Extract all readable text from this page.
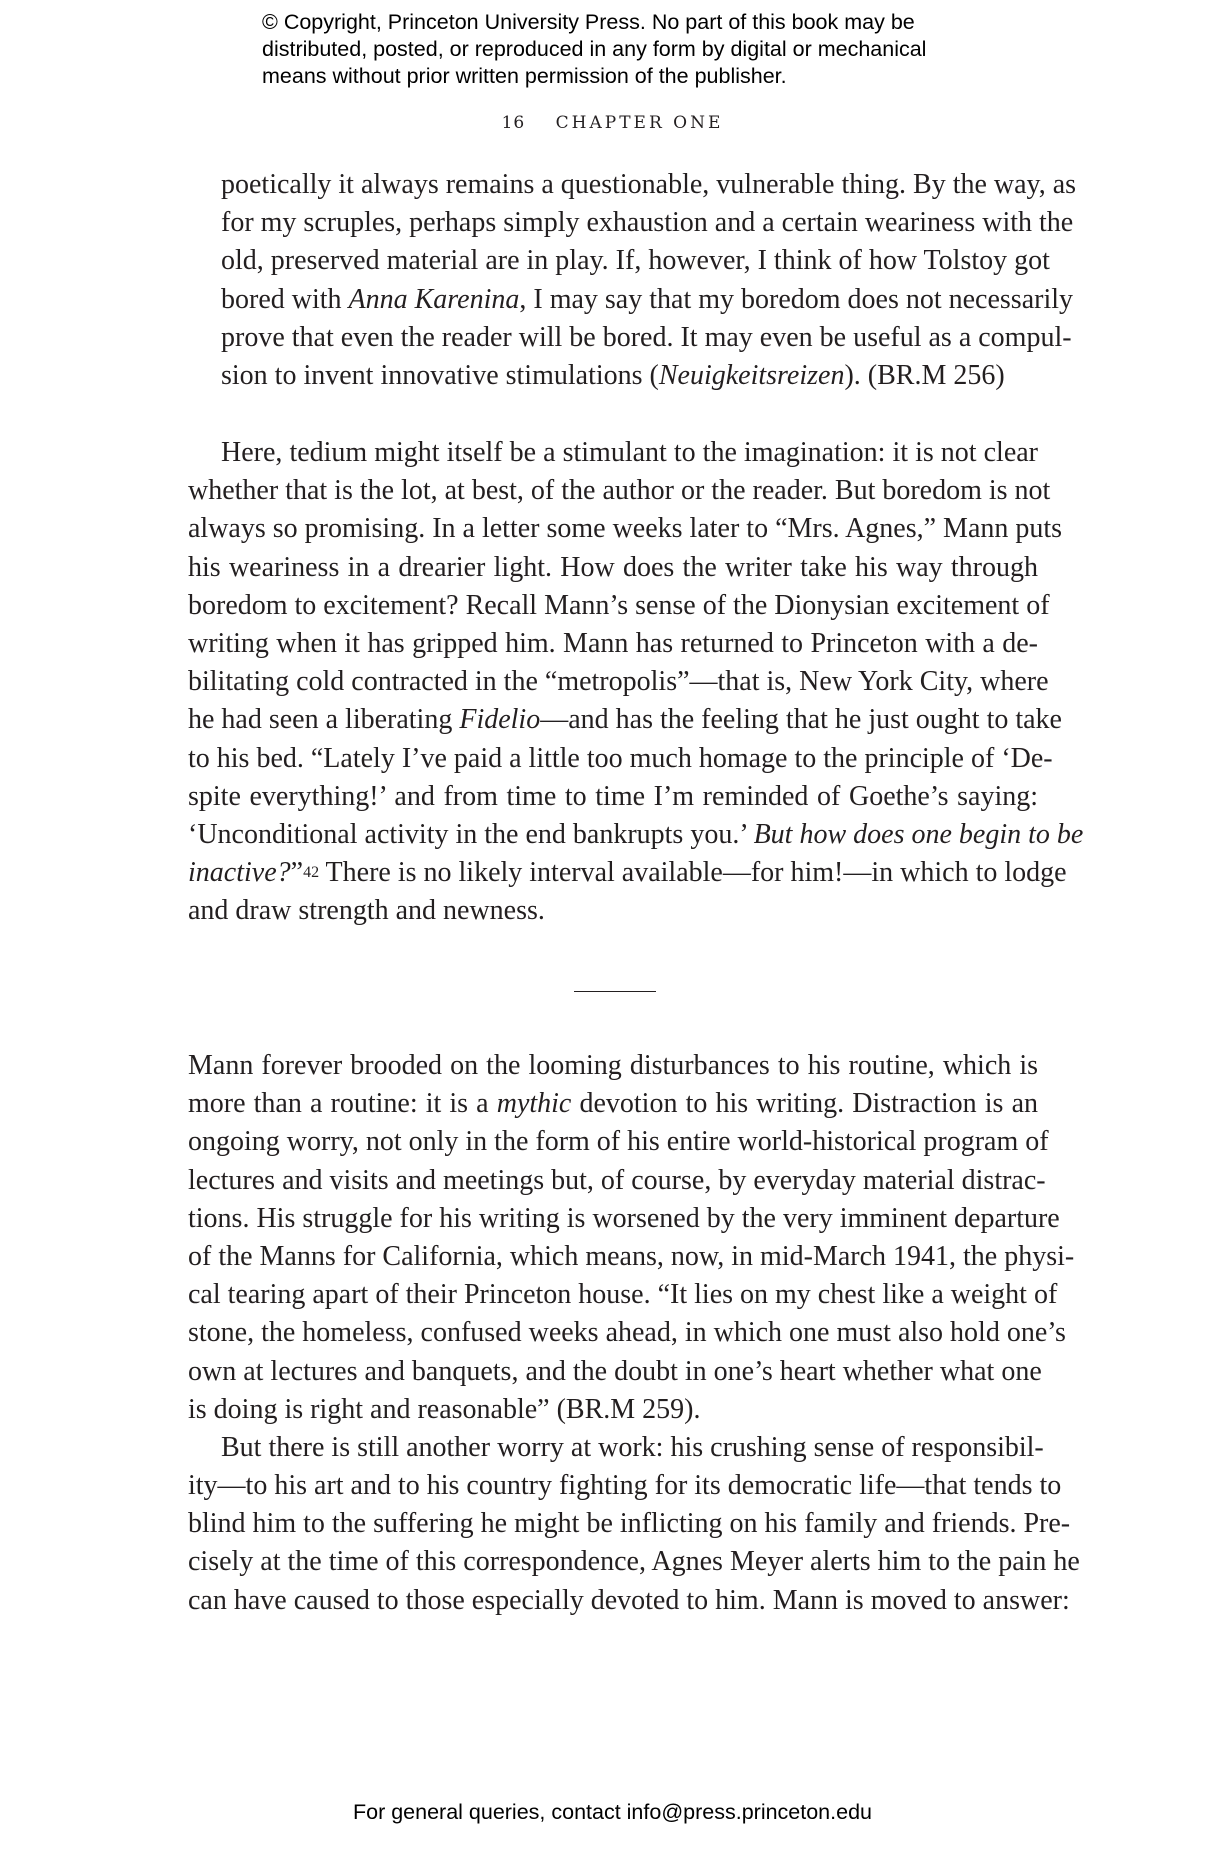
© Copyright, Princeton University Press. No part of this book may be

distributed, posted, or reproduced in any form by digital or mechanical

means without prior written permission of the publisher.

16 CHAPTER ONE
poetically it always remains a questionable, vulnerable thing. By the way, as
for my scruples, perhaps simply exhaustion and a certain weariness with the
old, preserved material are in play. If, however, I think of how Tolstoy got
bored with Anna Karenina, I may say that my boredom does not necessarily
prove that even the reader will be bored. It may even be useful as a compul-
sion to invent innovative stimulations (Neuigkeitsreizen). (BR.M 256)
Here, tedium might itself be a stimulant to the imagination: it is not clear
whether that is the lot, at best, of the author or the reader. But boredom is not
always so promising. In a letter some weeks later to “Mrs. Agnes,” Mann puts
his weariness in a drearier light. How does the writer take his way through
boredom to excitement? Recall Mann’s sense of the Dionysian excitement of
writing when it has gripped him. Mann has returned to Princeton with a de-
bilitating cold contracted in the “metropolis”—that is, New York City, where
he had seen a liberating Fidelio—and has the feeling that he just ought to take
to his bed. “Lately I’ve paid a little too much homage to the principle of ‘De-
spite everything!’ and from time to time I’m reminded of Goethe’s saying:
‘Unconditional activity in the end bankrupts you.’ But how does one begin to be
inactive?”$^{42}$ There is no likely interval available—for him!—in which to lodge
and draw strength and newness.
Mann forever brooded on the looming disturbances to his routine, which is
more than a routine: it is a mythic devotion to his writing. Distraction is an
ongoing worry, not only in the form of his entire world-historical program of
lectures and visits and meetings but, of course, by everyday material distrac-
tions. His struggle for his writing is worsened by the very imminent departure
of the Manns for California, which means, now, in mid-March 1941, the physi-
cal tearing apart of their Princeton house. “It lies on my chest like a weight of
stone, the homeless, confused weeks ahead, in which one must also hold one’s
own at lectures and banquets, and the doubt in one’s heart whether what one
is doing is right and reasonable” (BR.M 259).
But there is still another worry at work: his crushing sense of responsibil-
ity—to his art and to his country fighting for its democratic life—that tends to
blind him to the suffering he might be inflicting on his family and friends. Pre-
cisely at the time of this correspondence, Agnes Meyer alerts him to the pain he
can have caused to those especially devoted to him. Mann is moved to answer:
For general queries, contact info@press.princeton.edu
